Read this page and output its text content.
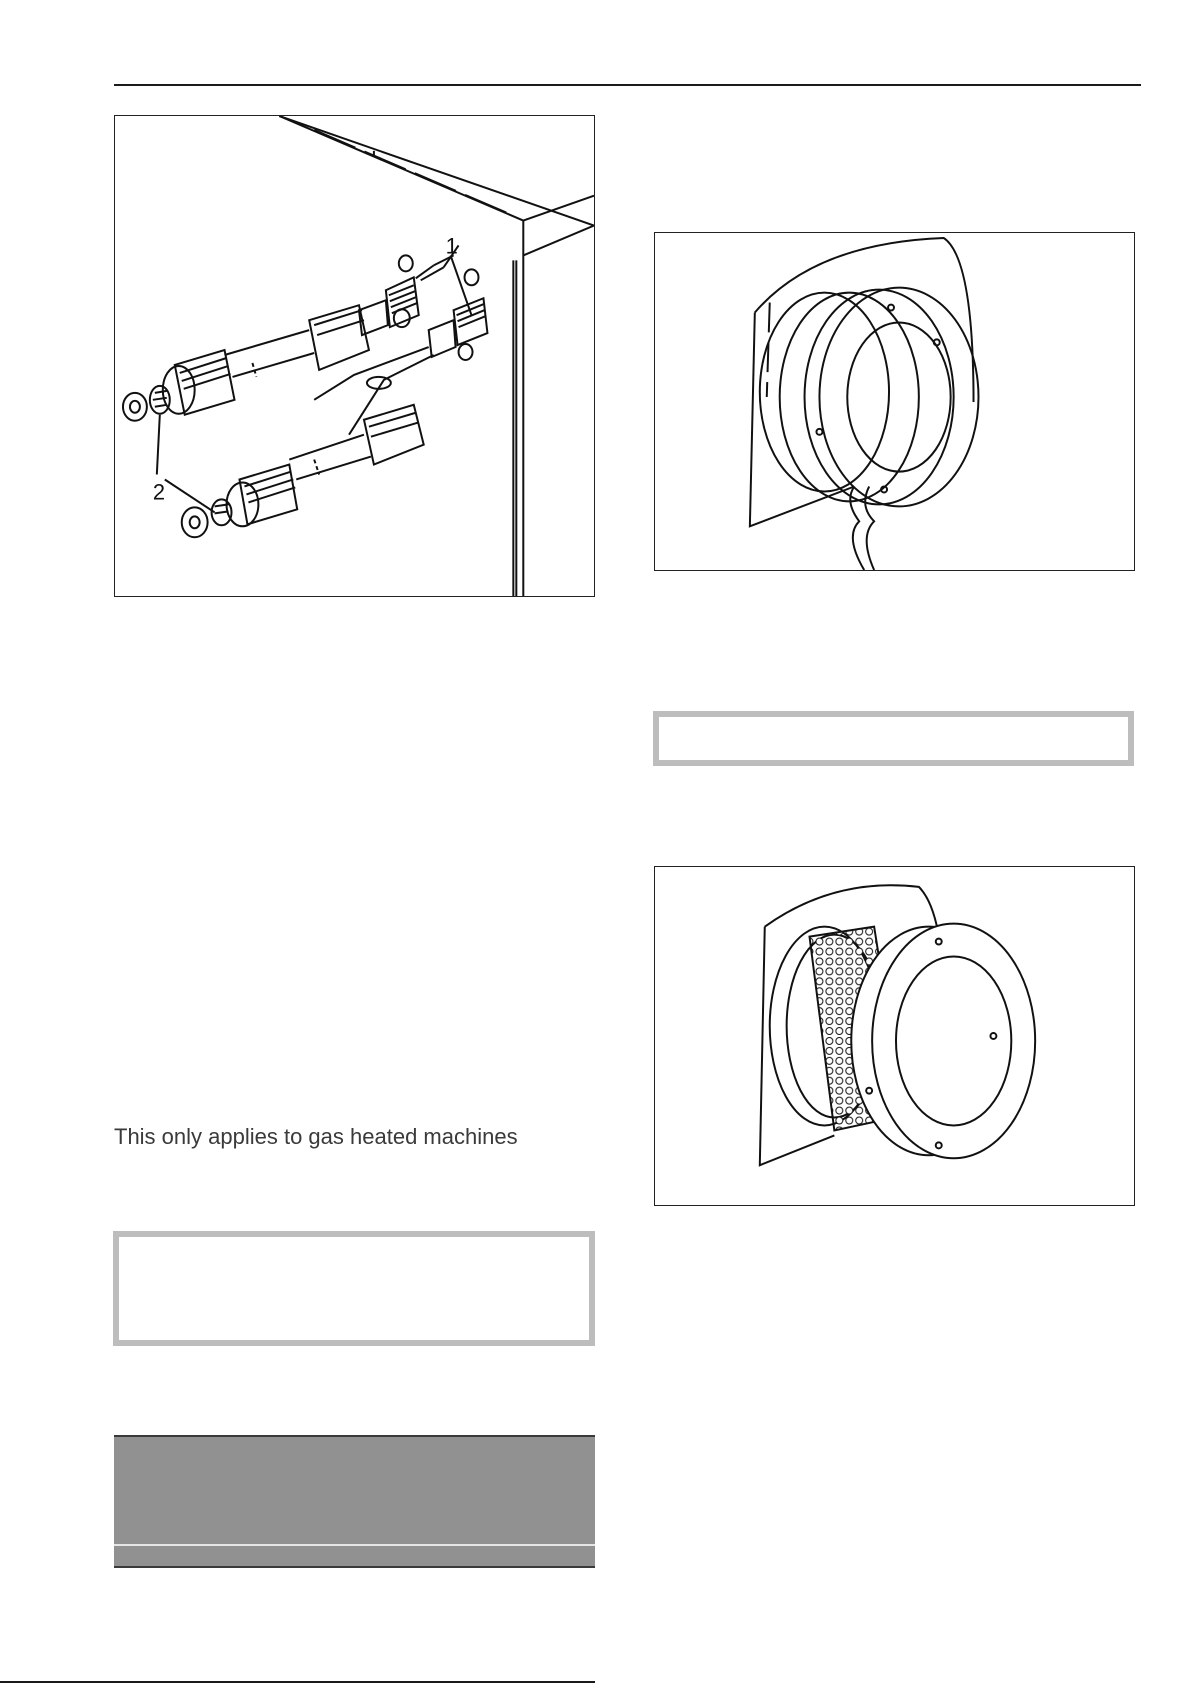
1
2
This only applies to gas heated machines
